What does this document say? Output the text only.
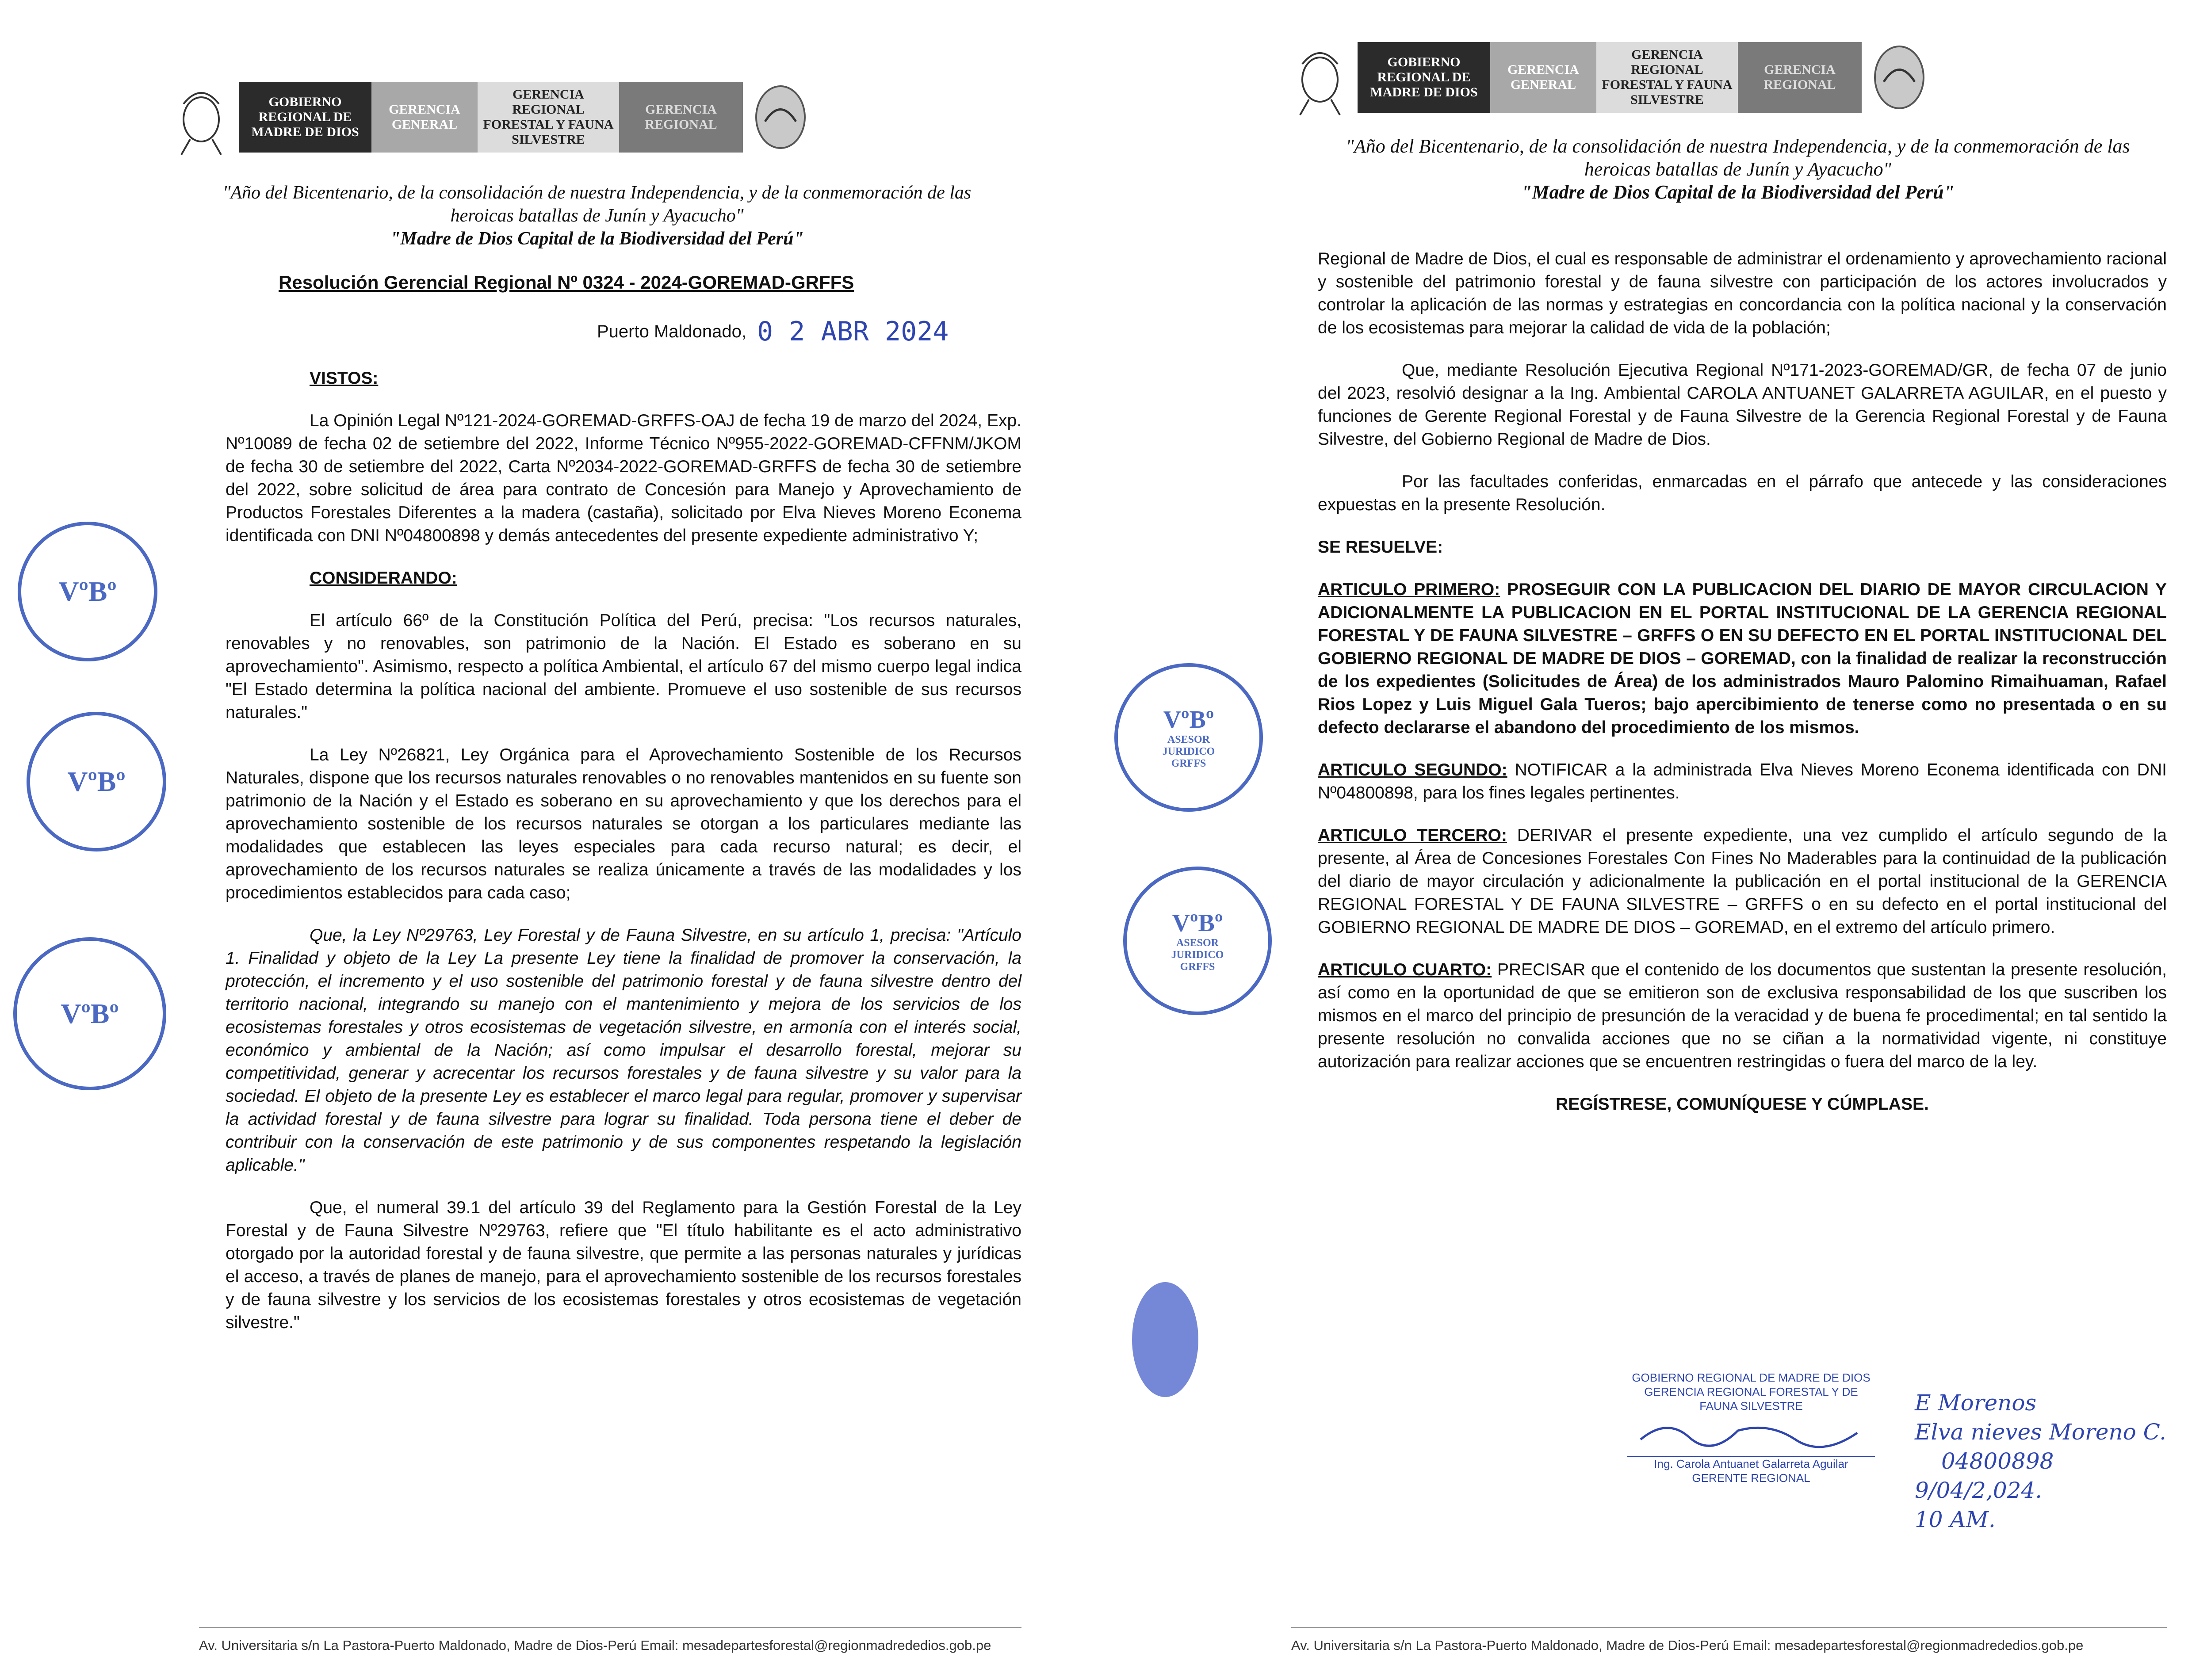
GOBIERNO REGIONAL DE MADRE DE DIOS
GERENCIA GENERAL
GERENCIA REGIONAL FORESTAL Y FAUNA SILVESTRE
GERENCIA REGIONAL
"Año del Bicentenario, de la consolidación de nuestra Independencia, y de la conmemoración de las heroicas batallas de Junín y Ayacucho"
"Madre de Dios Capital de la Biodiversidad del Perú"
Resolución Gerencial Regional Nº 0324 - 2024-GOREMAD-GRFFS
Puerto Maldonado, 0 2 ABR 2024

VISTOS:

La Opinión Legal Nº121-2024-GOREMAD-GRFFS-OAJ de fecha 19 de marzo del 2024, Exp. Nº10089 de fecha 02 de setiembre del 2022, Informe Técnico Nº955-2022-GOREMAD-CFFNM/JKOM de fecha 30 de setiembre del 2022, Carta Nº2034-2022-GOREMAD-GRFFS de fecha 30 de setiembre del 2022, sobre solicitud de área para contrato de Concesión para Manejo y Aprovechamiento de Productos Forestales Diferentes a la madera (castaña), solicitado por Elva Nieves Moreno Econema identificada con DNI Nº04800898 y demás antecedentes del presente expediente administrativo Y;

CONSIDERANDO:

El artículo 66º de la Constitución Política del Perú, precisa: "Los recursos naturales, renovables y no renovables, son patrimonio de la Nación. El Estado es soberano en su aprovechamiento". Asimismo, respecto a política Ambiental, el artículo 67 del mismo cuerpo legal indica "El Estado determina la política nacional del ambiente. Promueve el uso sostenible de sus recursos naturales."

La Ley Nº26821, Ley Orgánica para el Aprovechamiento Sostenible de los Recursos Naturales, dispone que los recursos naturales renovables o no renovables mantenidos en su fuente son patrimonio de la Nación y el Estado es soberano en su aprovechamiento y que los derechos para el aprovechamiento sostenible de los recursos naturales se otorgan a los particulares mediante las modalidades que establecen las leyes especiales para cada recurso natural; es decir, el aprovechamiento de los recursos naturales se realiza únicamente a través de las modalidades y los procedimientos establecidos para cada caso;

Que, la Ley Nº29763, Ley Forestal y de Fauna Silvestre, en su artículo 1, precisa: "Artículo 1. Finalidad y objeto de la Ley La presente Ley tiene la finalidad de promover la conservación, la protección, el incremento y el uso sostenible del patrimonio forestal y de fauna silvestre dentro del territorio nacional, integrando su manejo con el mantenimiento y mejora de los servicios de los ecosistemas forestales y otros ecosistemas de vegetación silvestre, en armonía con el interés social, económico y ambiental de la Nación; así como impulsar el desarrollo forestal, mejorar su competitividad, generar y acrecentar los recursos forestales y de fauna silvestre y su valor para la sociedad. El objeto de la presente Ley es establecer el marco legal para regular, promover y supervisar la actividad forestal y de fauna silvestre para lograr su finalidad. Toda persona tiene el deber de contribuir con la conservación de este patrimonio y de sus componentes respetando la legislación aplicable."

Que, el numeral 39.1 del artículo 39 del Reglamento para la Gestión Forestal de la Ley Forestal y de Fauna Silvestre Nº29763, refiere que "El título habilitante es el acto administrativo otorgado por la autoridad forestal y de fauna silvestre, que permite a las personas naturales y jurídicas el acceso, a través de planes de manejo, para el aprovechamiento sostenible de los recursos forestales y de fauna silvestre y los servicios de los ecosistemas forestales y otros ecosistemas de vegetación silvestre."

Av. Universitaria s/n La Pastora-Puerto Maldonado, Madre de Dios-Perú Email: mesadepartesforestal@regionmadrededios.gob.pe
VºBº
VºBº
VºBº
GOBIERNO REGIONAL DE MADRE DE DIOS
GERENCIA GENERAL
GERENCIA REGIONAL FORESTAL Y FAUNA SILVESTRE
GERENCIA REGIONAL
"Año del Bicentenario, de la consolidación de nuestra Independencia, y de la conmemoración de las heroicas batallas de Junín y Ayacucho"
"Madre de Dios Capital de la Biodiversidad del Perú"

Regional de Madre de Dios, el cual es responsable de administrar el ordenamiento y aprovechamiento racional y sostenible del patrimonio forestal y de fauna silvestre con participación de los actores involucrados y controlar la aplicación de las normas y estrategias en concordancia con la política nacional y la conservación de los ecosistemas para mejorar la calidad de vida de la población;

Que, mediante Resolución Ejecutiva Regional Nº171-2023-GOREMAD/GR, de fecha 07 de junio del 2023, resolvió designar a la Ing. Ambiental CAROLA ANTUANET GALARRETA AGUILAR, en el puesto y funciones de Gerente Regional Forestal y de Fauna Silvestre de la Gerencia Regional Forestal y de Fauna Silvestre, del Gobierno Regional de Madre de Dios.

Por las facultades conferidas, enmarcadas en el párrafo que antecede y las consideraciones expuestas en la presente Resolución.

SE RESUELVE:

ARTICULO PRIMERO: PROSEGUIR CON LA PUBLICACION DEL DIARIO DE MAYOR CIRCULACION Y ADICIONALMENTE LA PUBLICACION EN EL PORTAL INSTITUCIONAL DE LA GERENCIA REGIONAL FORESTAL Y DE FAUNA SILVESTRE – GRFFS O EN SU DEFECTO EN EL PORTAL INSTITUCIONAL DEL GOBIERNO REGIONAL DE MADRE DE DIOS – GOREMAD, con la finalidad de realizar la reconstrucción de los expedientes (Solicitudes de Área) de los administrados Mauro Palomino Rimaihuaman, Rafael Rios Lopez y Luis Miguel Gala Tueros; bajo apercibimiento de tenerse como no presentada o en su defecto declararse el abandono del procedimiento de los mismos.

ARTICULO SEGUNDO: NOTIFICAR a la administrada Elva Nieves Moreno Econema identificada con DNI Nº04800898, para los fines legales pertinentes.

ARTICULO TERCERO: DERIVAR el presente expediente, una vez cumplido el artículo segundo de la presente, al Área de Concesiones Forestales Con Fines No Maderables para la continuidad de la publicación del diario de mayor circulación y adicionalmente la publicación en el portal institucional de la GERENCIA REGIONAL FORESTAL Y DE FAUNA SILVESTRE – GRFFS o en su defecto en el portal institucional del GOBIERNO REGIONAL DE MADRE DE DIOS – GOREMAD, en el extremo del artículo primero.

ARTICULO CUARTO: PRECISAR que el contenido de los documentos que sustentan la presente resolución, así como en la oportunidad de que se emitieron son de exclusiva responsabilidad de los que suscriben los mismos en el marco del principio de presunción de la veracidad y de buena fe procedimental; en tal sentido la presente resolución no convalida acciones que no se ciñan a la normatividad vigente, ni constituye autorización para realizar acciones que se encuentren restringidas o fuera del marco de la ley.

REGÍSTRESE, COMUNÍQUESE Y CÚMPLASE.

GOBIERNO REGIONAL DE MADRE DE DIOS
GERENCIA REGIONAL FORESTAL Y DE FAUNA SILVESTRE
Ing. Carola Antuanet Galarreta Aguilar
GERENTE REGIONAL
E Morenos
Elva nieves Moreno C.
04800898
9/04/2,024.
10 AM.
Av. Universitaria s/n La Pastora-Puerto Maldonado, Madre de Dios-Perú Email: mesadepartesforestal@regionmadrededios.gob.pe
VºBº
ASESOR JURIDICO GRFFS
VºBº
ASESOR JURIDICO GRFFS
